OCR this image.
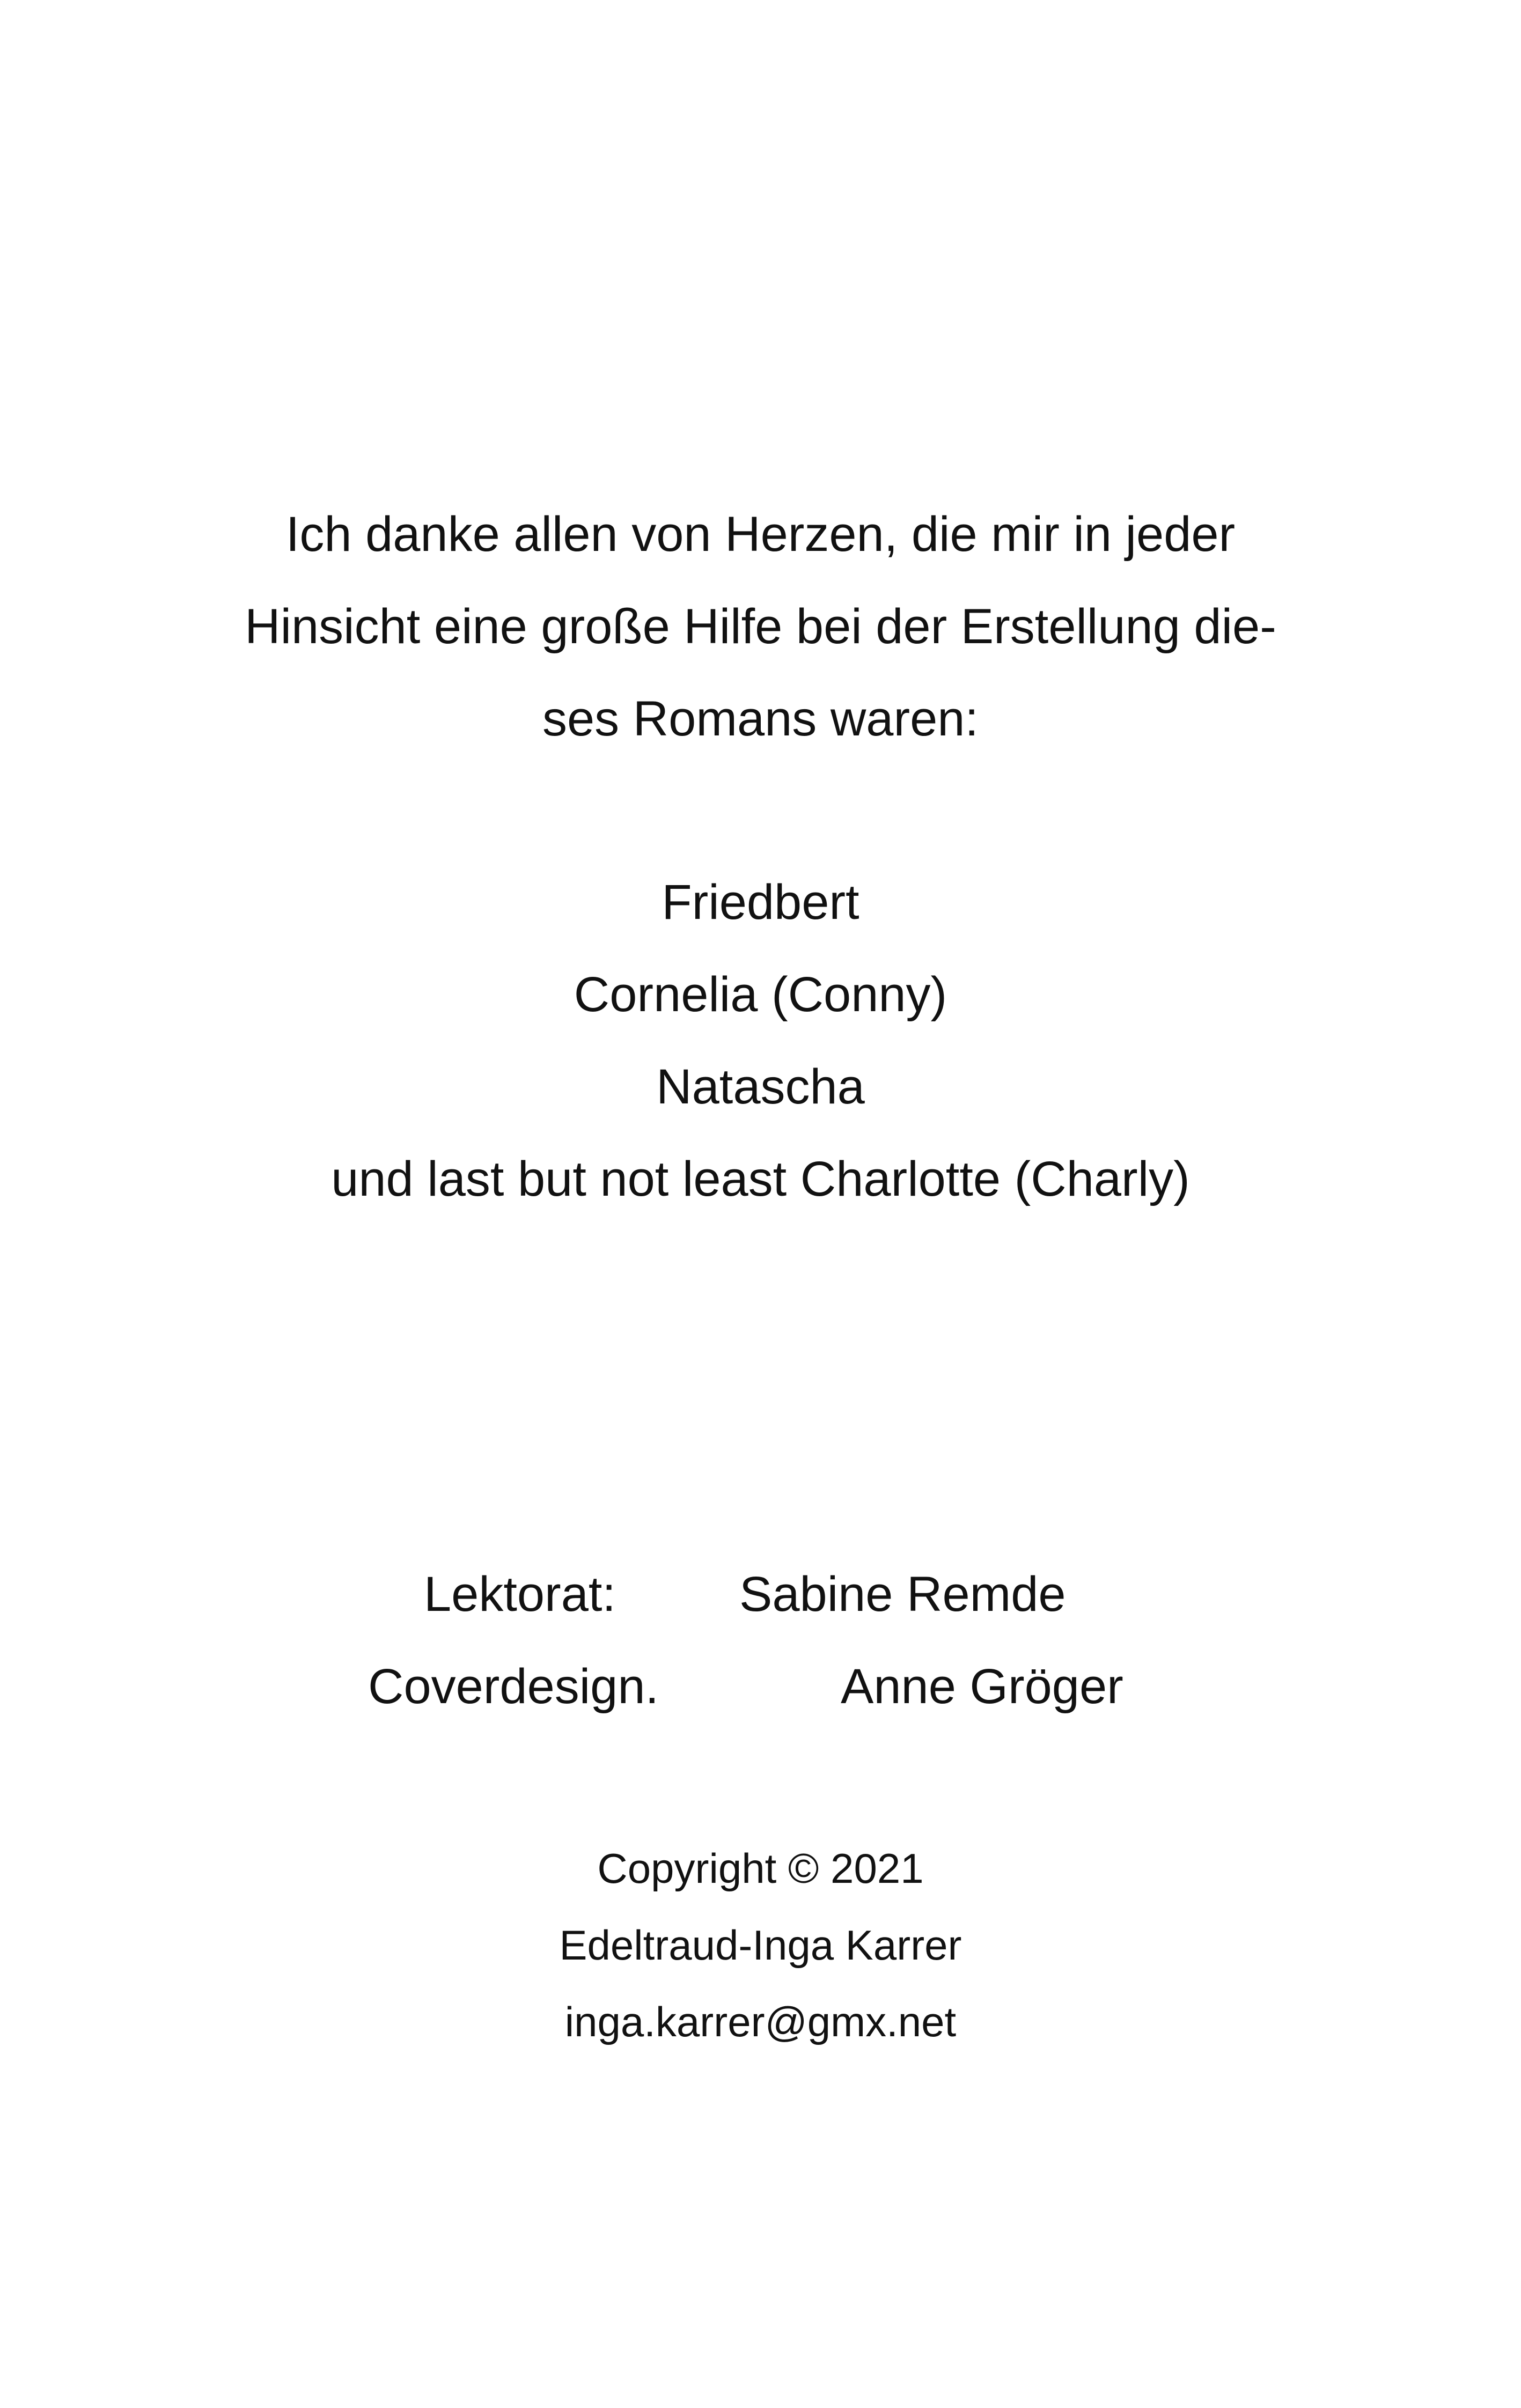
Ich danke allen von Herzen, die mir in jeder
Hinsicht eine große Hilfe bei der Erstellung die-
ses Romans waren:
Friedbert
Cornelia (Conny)
Natascha
und last but not least Charlotte (Charly)
Lektorat:	Sabine Remde
Coverdesign.	Anne Gröger
Copyright © 2021
Edeltraud-Inga Karrer
inga.karrer@gmx.net
